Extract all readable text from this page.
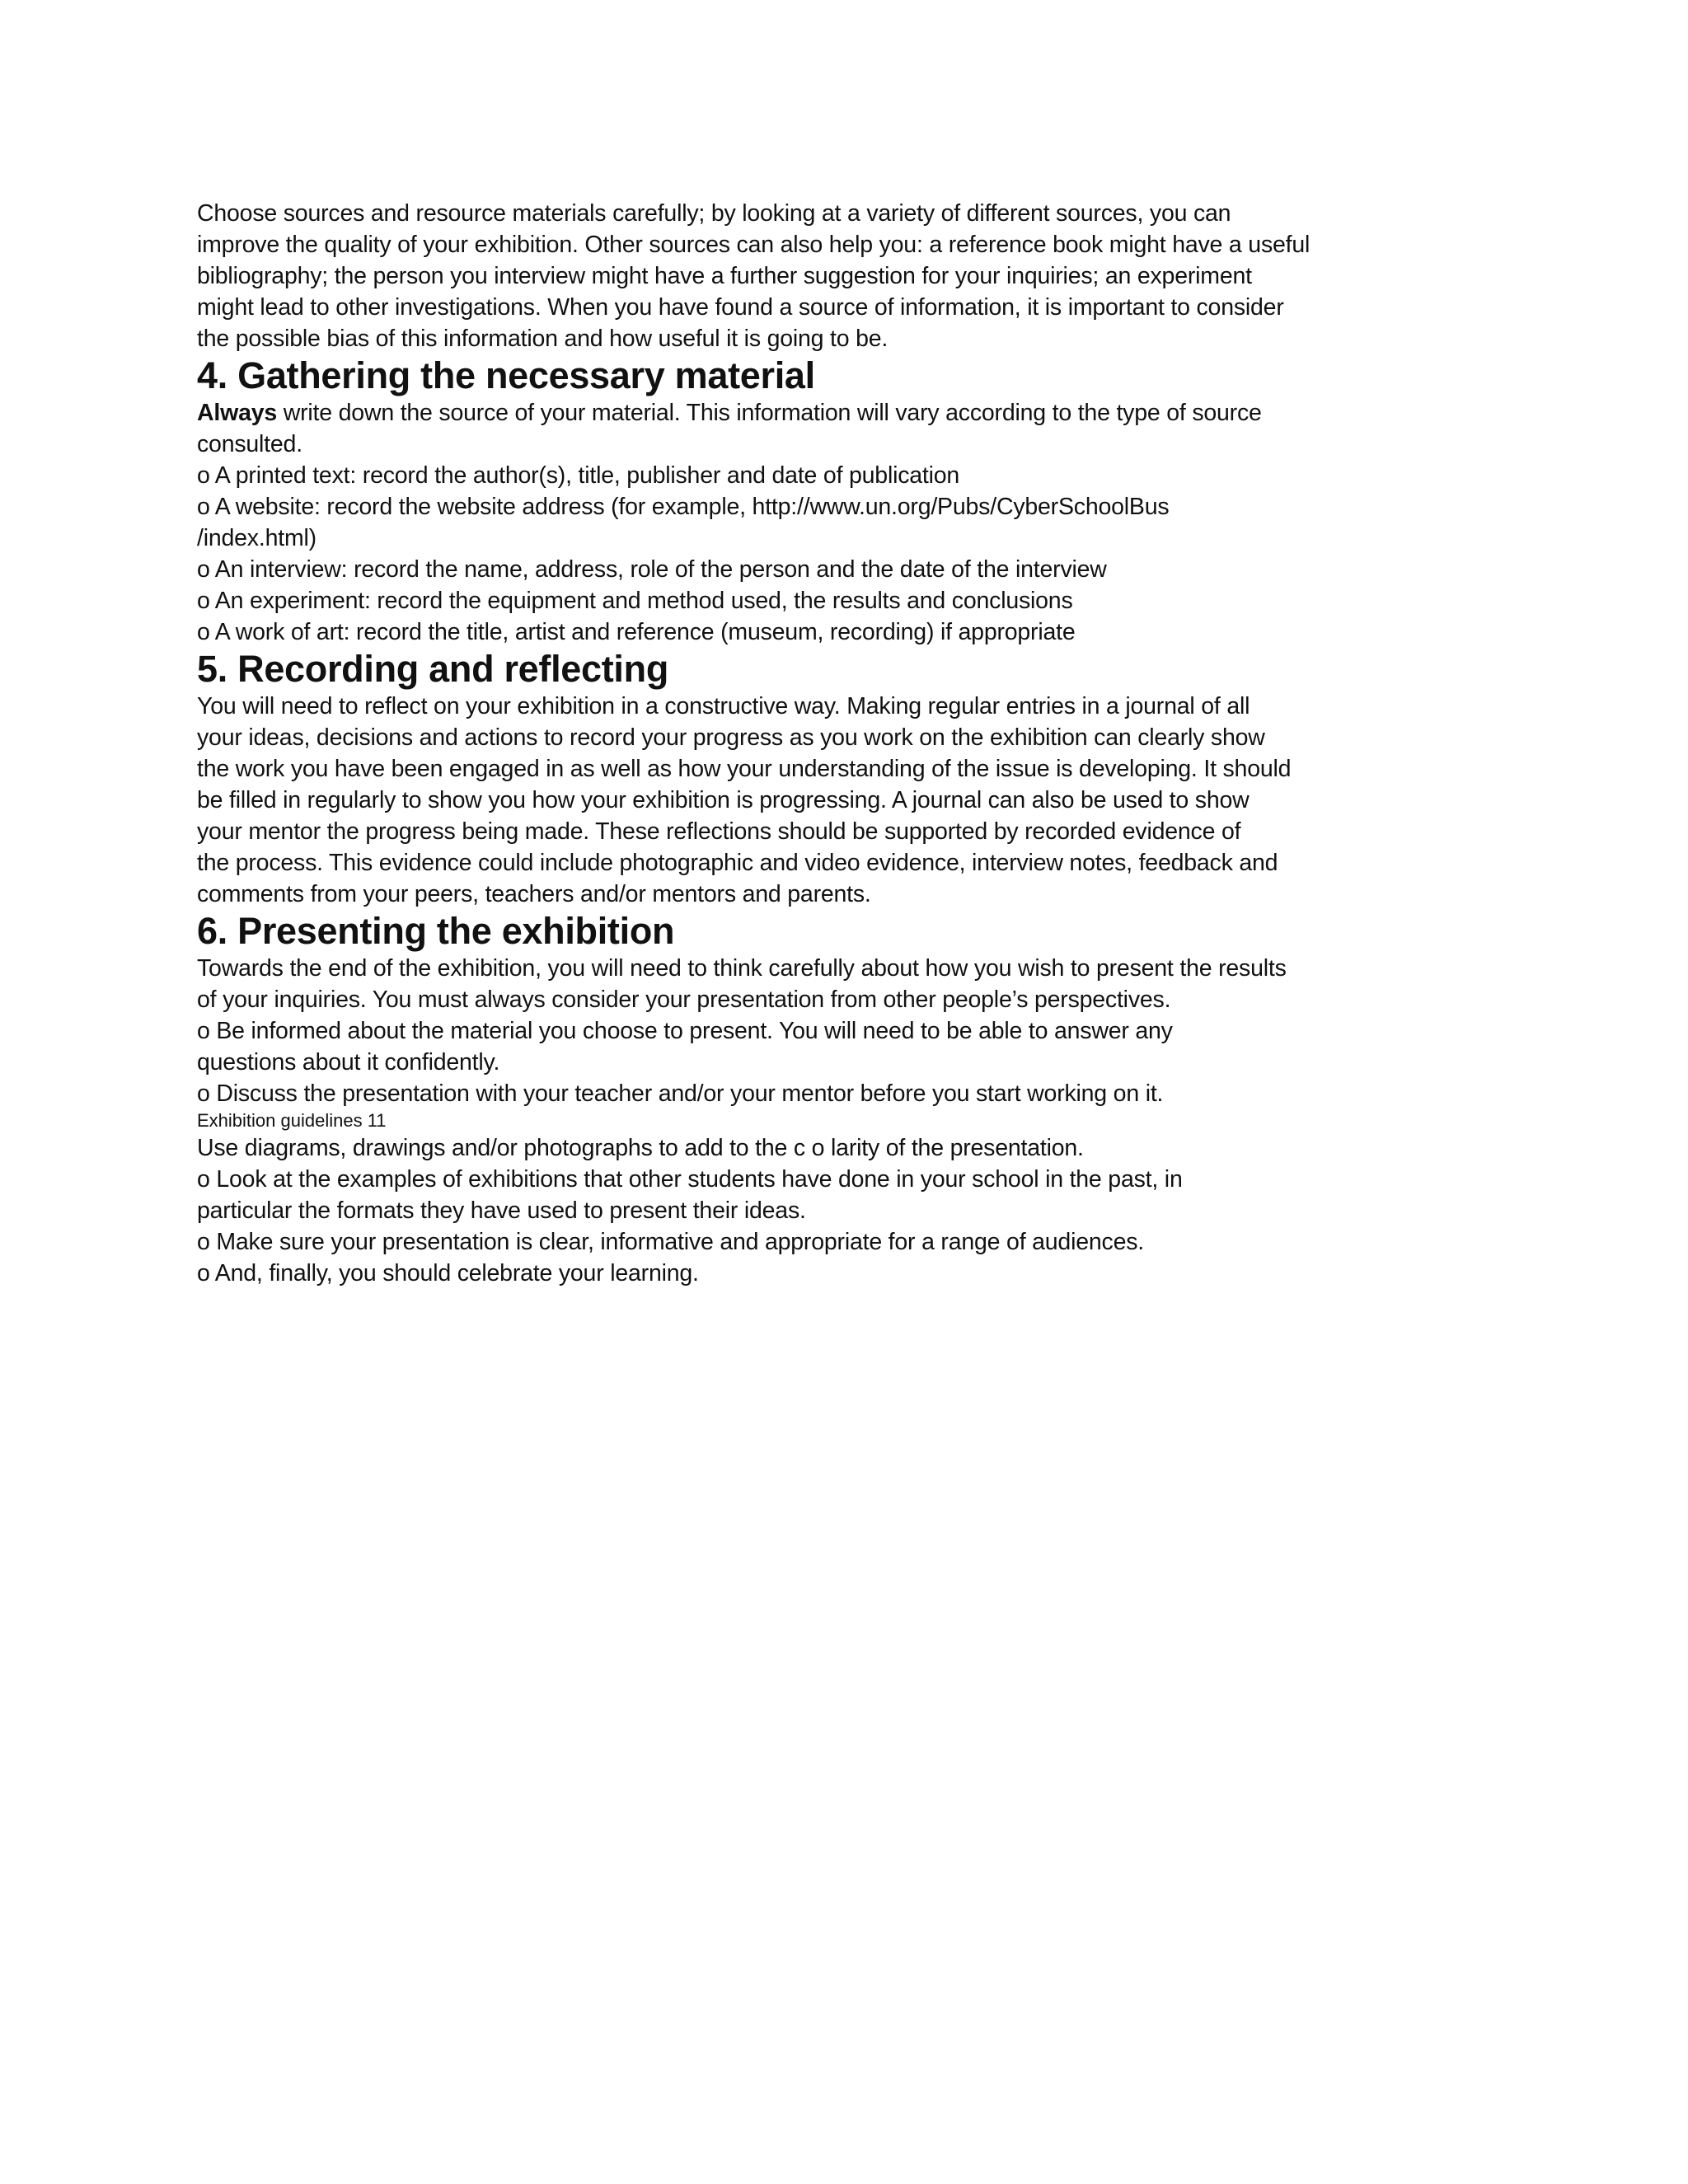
Choose sources and resource materials carefully; by looking at a variety of different sources, you can
improve the quality of your exhibition. Other sources can also help you: a reference book might have a useful
bibliography; the person you interview might have a further suggestion for your inquiries; an experiment
might lead to other investigations. When you have found a source of information, it is important to consider
the possible bias of this information and how useful it is going to be.
4. Gathering the necessary material
Always write down the source of your material. This information will vary according to the type of source
consulted.
o A printed text: record the author(s), title, publisher and date of publication
o A website: record the website address (for example, http://www.un.org/Pubs/CyberSchoolBus
/index.html)
o An interview: record the name, address, role of the person and the date of the interview
o An experiment: record the equipment and method used, the results and conclusions
o A work of art: record the title, artist and reference (museum, recording) if appropriate
5. Recording and reflecting
You will need to reflect on your exhibition in a constructive way. Making regular entries in a journal of all
your ideas, decisions and actions to record your progress as you work on the exhibition can clearly show
the work you have been engaged in as well as how your understanding of the issue is developing. It should
be filled in regularly to show you how your exhibition is progressing. A journal can also be used to show
your mentor the progress being made. These reflections should be supported by recorded evidence of
the process. This evidence could include photographic and video evidence, interview notes, feedback and
comments from your peers, teachers and/or mentors and parents.
6. Presenting the exhibition
Towards the end of the exhibition, you will need to think carefully about how you wish to present the results
of your inquiries. You must always consider your presentation from other people’s perspectives.
o Be informed about the material you choose to present. You will need to be able to answer any
questions about it confidently.
o Discuss the presentation with your teacher and/or your mentor before you start working on it.
Exhibition guidelines 11
Use diagrams, drawings and/or photographs to add to the c o larity of the presentation.
o Look at the examples of exhibitions that other students have done in your school in the past, in
particular the formats they have used to present their ideas.
o Make sure your presentation is clear, informative and appropriate for a range of audiences.
o And, finally, you should celebrate your learning.
